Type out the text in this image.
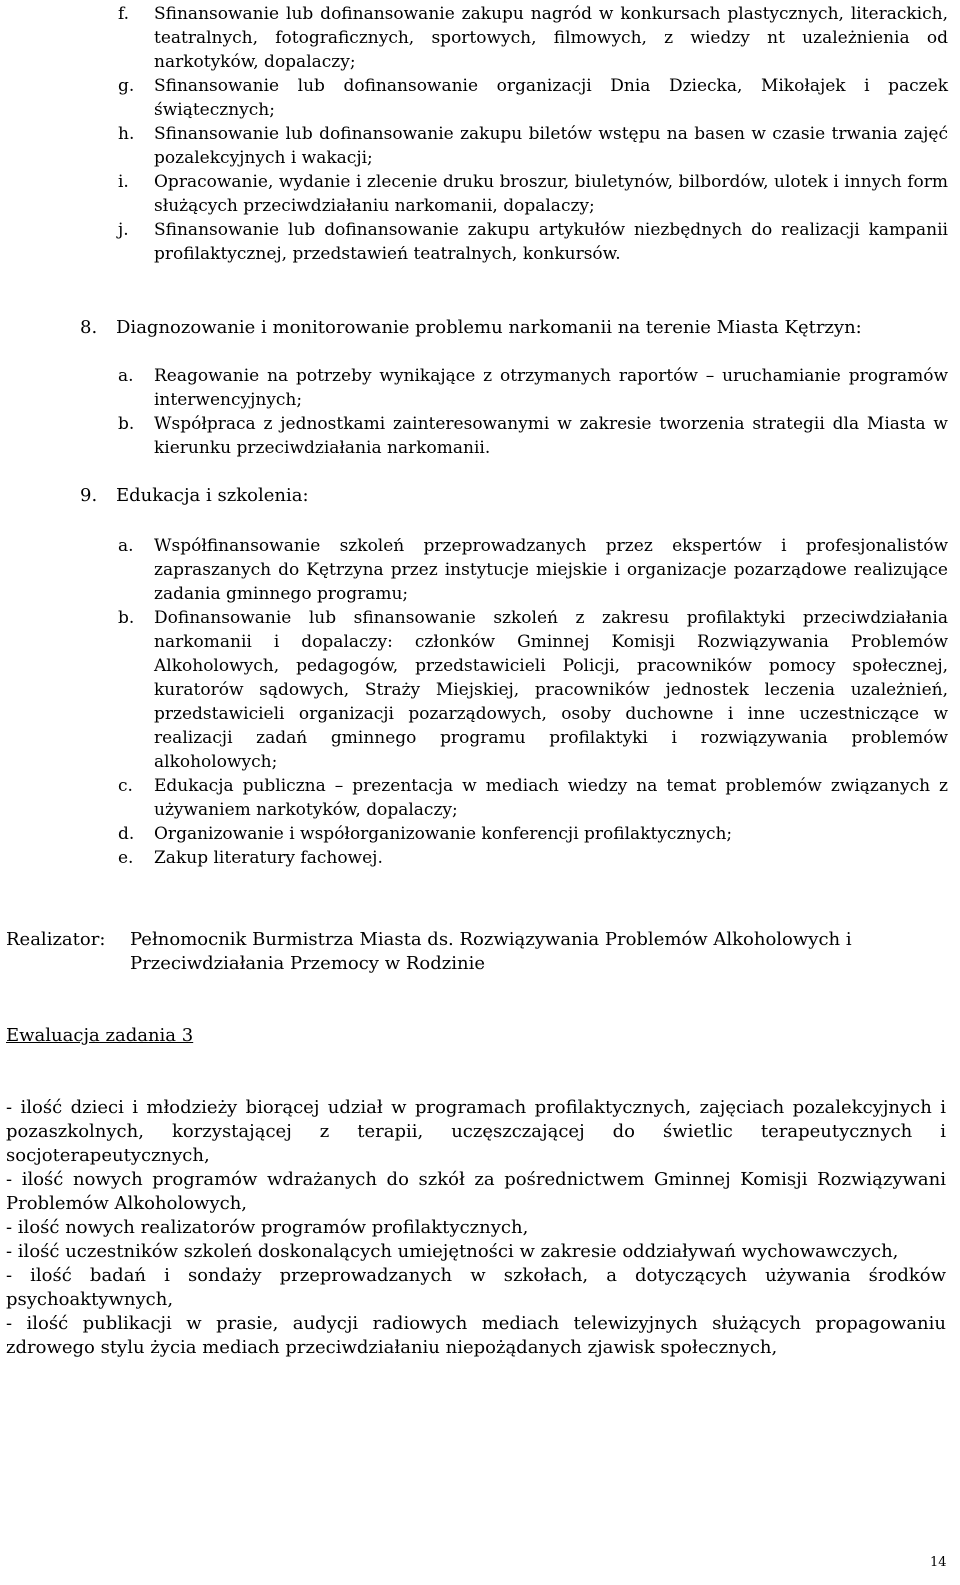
f. Sfinansowanie lub dofinansowanie zakupu nagród w konkursach plastycznych, literackich, teatralnych, fotograficznych, sportowych, filmowych, z wiedzy nt uzależnienia od narkotyków, dopalaczy;
g. Sfinansowanie lub dofinansowanie organizacji Dnia Dziecka, Mikołajek i paczek świątecznych;
h. Sfinansowanie lub dofinansowanie zakupu biletów wstępu na basen w czasie trwania zajęć pozalekcyjnych i wakacji;
i. Opracowanie, wydanie i zlecenie druku broszur, biuletynów, bilbordów, ulotek i innych form służących przeciwdziałaniu narkomanii, dopalaczy;
j. Sfinansowanie lub dofinansowanie zakupu artykułów niezbędnych do realizacji kampanii profilaktycznej, przedstawień teatralnych, konkursów.
8. Diagnozowanie i monitorowanie problemu narkomanii na terenie Miasta Kętrzyn:
a. Reagowanie na potrzeby wynikające z otrzymanych raportów – uruchamianie programów interwencyjnych;
b. Współpraca z jednostkami zainteresowanymi w zakresie tworzenia strategii dla Miasta w kierunku przeciwdziałania narkomanii.
9. Edukacja i szkolenia:
a. Współfinansowanie szkoleń przeprowadzanych przez ekspertów i profesjonalistów zapraszanych do Kętrzyna przez instytucje miejskie i organizacje pozarządowe realizujące zadania gminnego programu;
b. Dofinansowanie lub sfinansowanie szkoleń z zakresu profilaktyki przeciwdziałania narkomanii i dopalaczy: członków Gminnej Komisji Rozwiązywania Problemów Alkoholowych, pedagogów, przedstawicieli Policji, pracowników pomocy społecznej, kuratorów sądowych, Straży Miejskiej, pracowników jednostek leczenia uzależnień, przedstawicieli organizacji pozarządowych, osoby duchowne i inne uczestniczące w realizacji zadań gminnego programu profilaktyki i rozwiązywania problemów alkoholowych;
c. Edukacja publiczna – prezentacja w mediach wiedzy na temat problemów związanych z używaniem narkotyków, dopalaczy;
d. Organizowanie i współorganizowanie konferencji profilaktycznych;
e. Zakup literatury fachowej.
Realizator: Pełnomocnik Burmistrza Miasta ds. Rozwiązywania Problemów Alkoholowych i
Przeciwdziałania Przemocy w Rodzinie
Ewaluacja zadania 3

- ilość dzieci i młodzieży biorącej udział w programach profilaktycznych, zajęciach pozalekcyjnych i pozaszkolnych, korzystającej z terapii, uczęszczającej do świetlic terapeutycznych i socjoterapeutycznych,

- ilość nowych programów wdrażanych do szkół za pośrednictwem Gminnej Komisji Rozwiązywani Problemów Alkoholowych,

- ilość nowych realizatorów programów profilaktycznych,

- ilość uczestników szkoleń doskonalących umiejętności w zakresie oddziaływań wychowawczych,

- ilość badań i sondaży przeprowadzanych w szkołach, a dotyczących używania środków psychoaktywnych,

- ilość publikacji w prasie, audycji radiowych mediach telewizyjnych służących propagowaniu zdrowego stylu życia mediach przeciwdziałaniu niepożądanych zjawisk społecznych,

14
